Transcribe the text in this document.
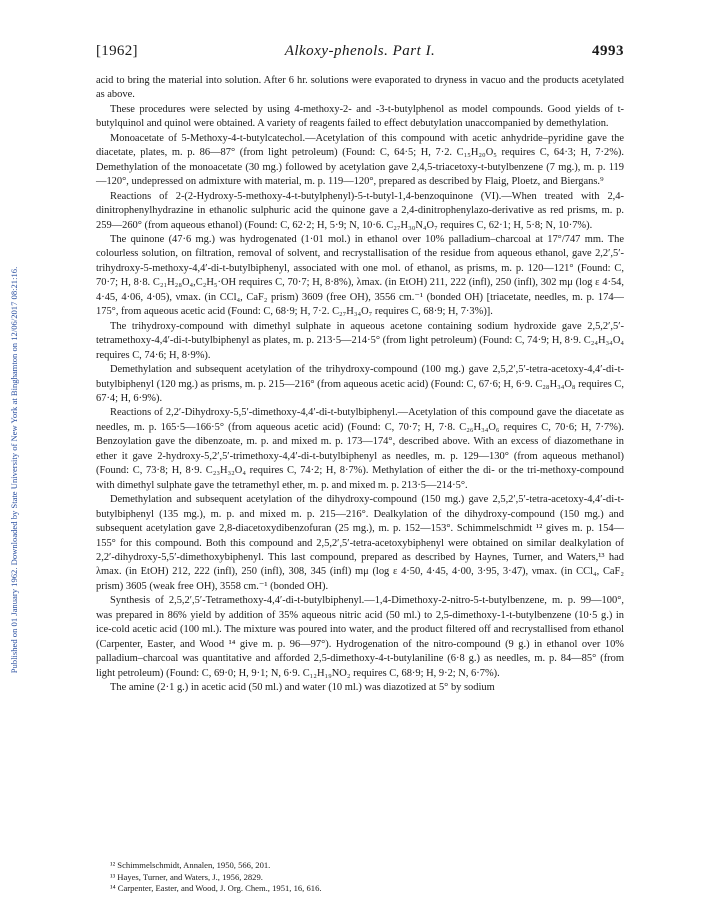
Published on 01 January 1962. Downloaded by State University of New York at Binghamton on 12/06/2017 08:21:16.
[1962]	Alkoxy-phenols. Part I.	4993

acid to bring the material into solution. After 6 hr. solutions were evaporated to dryness in vacuo and the products acetylated as above.

These procedures were selected by using 4-methoxy-2- and -3-t-butylphenol as model compounds. Good yields of t-butylquinol and quinol were obtained. A variety of reagents failed to effect debutylation unaccompanied by demethylation.

Monoacetate of 5-Methoxy-4-t-butylcatechol.—Acetylation of this compound with acetic anhydride–pyridine gave the diacetate, plates, m. p. 86—87° (from light petroleum) (Found: C, 64·5; H, 7·2. C₁₅H₂₀O₅ requires C, 64·3; H, 7·2%). Demethylation of the monoacetate (30 mg.) followed by acetylation gave 2,4,5-triacetoxy-t-butylbenzene (7 mg.), m. p. 119—120°, undepressed on admixture with material, m. p. 119—120°, prepared as described by Flaig, Ploetz, and Biergans.⁹

Reactions of 2-(2-Hydroxy-5-methoxy-4-t-butylphenyl)-5-t-butyl-1,4-benzoquinone (VI).—When treated with 2,4-dinitrophenylhydrazine in ethanolic sulphuric acid the quinone gave a 2,4-dinitrophenylazo-derivative as red prisms, m. p. 259—260° (from aqueous ethanol) (Found: C, 62·2; H, 5·9; N, 10·6. C₂₇H₃₀N₄O₇ requires C, 62·1; H, 5·8; N, 10·7%).

The quinone (47·6 mg.) was hydrogenated (1·01 mol.) in ethanol over 10% palladium–charcoal at 17°/747 mm. The colourless solution, on filtration, removal of solvent, and recrystallisation of the residue from aqueous ethanol, gave 2,2′,5′-trihydroxy-5-methoxy-4,4′-di-t-butylbiphenyl, associated with one mol. of ethanol, as prisms, m. p. 120—121° (Found: C, 70·7; H, 8·8. C₂₁H₂₈O₄,C₂H₅·OH requires C, 70·7; H, 8·8%), λmax. (in EtOH) 211, 222 (infl), 250 (infl), 302 mμ (log ε 4·54, 4·45, 4·06, 4·05), νmax. (in CCl₄, CaF₂ prism) 3609 (free OH), 3556 cm.⁻¹ (bonded OH) [triacetate, needles, m. p. 174—175°, from aqueous acetic acid (Found: C, 68·9; H, 7·2. C₂₇H₃₄O₇ requires C, 68·9; H, 7·3%)].

The trihydroxy-compound with dimethyl sulphate in aqueous acetone containing sodium hydroxide gave 2,5,2′,5′-tetramethoxy-4,4′-di-t-butylbiphenyl as plates, m. p. 213·5—214·5° (from light petroleum) (Found: C, 74·9; H, 8·9. C₂₄H₃₄O₄ requires C, 74·6; H, 8·9%).

Demethylation and subsequent acetylation of the trihydroxy-compound (100 mg.) gave 2,5,2′,5′-tetra-acetoxy-4,4′-di-t-butylbiphenyl (120 mg.) as prisms, m. p. 215—216° (from aqueous acetic acid) (Found: C, 67·6; H, 6·9. C₂₈H₃₄O₈ requires C, 67·4; H, 6·9%).

Reactions of 2,2′-Dihydroxy-5,5′-dimethoxy-4,4′-di-t-butylbiphenyl.—Acetylation of this compound gave the diacetate as needles, m. p. 165·5—166·5° (from aqueous acetic acid) (Found: C, 70·7; H, 7·8. C₂₆H₃₄O₆ requires C, 70·6; H, 7·7%). Benzoylation gave the dibenzoate, m. p. and mixed m. p. 173—174°, described above. With an excess of diazomethane in ether it gave 2-hydroxy-5,2′,5′-trimethoxy-4,4′-di-t-butylbiphenyl as needles, m. p. 129—130° (from aqueous methanol) (Found: C, 73·8; H, 8·9. C₂₃H₃₂O₄ requires C, 74·2; H, 8·7%). Methylation of either the di- or the tri-methoxy-compound with dimethyl sulphate gave the tetramethyl ether, m. p. and mixed m. p. 213·5—214·5°.

Demethylation and subsequent acetylation of the dihydroxy-compound (150 mg.) gave 2,5,2′,5′-tetra-acetoxy-4,4′-di-t-butylbiphenyl (135 mg.), m. p. and mixed m. p. 215—216°. Dealkylation of the dihydroxy-compound (150 mg.) and subsequent acetylation gave 2,8-diacetoxydibenzofuran (25 mg.), m. p. 152—153°. Schimmelschmidt ¹² gives m. p. 154—155° for this compound. Both this compound and 2,5,2′,5′-tetra-acetoxybiphenyl were obtained on similar dealkylation of 2,2′-dihydroxy-5,5′-dimethoxybiphenyl. This last compound, prepared as described by Haynes, Turner, and Waters,¹³ had λmax. (in EtOH) 212, 222 (infl), 250 (infl), 308, 345 (infl) mμ (log ε 4·50, 4·45, 4·00, 3·95, 3·47), νmax. (in CCl₄, CaF₂ prism) 3605 (weak free OH), 3558 cm.⁻¹ (bonded OH).

Synthesis of 2,5,2′,5′-Tetramethoxy-4,4′-di-t-butylbiphenyl.—1,4-Dimethoxy-2-nitro-5-t-butylbenzene, m. p. 99—100°, was prepared in 86% yield by addition of 35% aqueous nitric acid (50 ml.) to 2,5-dimethoxy-1-t-butylbenzene (10·5 g.) in ice-cold acetic acid (100 ml.). The mixture was poured into water, and the product filtered off and recrystallised from ethanol (Carpenter, Easter, and Wood ¹⁴ give m. p. 96—97°). Hydrogenation of the nitro-compound (9 g.) in ethanol over 10% palladium–charcoal was quantitative and afforded 2,5-dimethoxy-4-t-butylaniline (6·8 g.) as needles, m. p. 84—85° (from light petroleum) (Found: C, 69·0; H, 9·1; N, 6·9. C₁₂H₁₉NO₂ requires C, 68·9; H, 9·2; N, 6·7%).

The amine (2·1 g.) in acetic acid (50 ml.) and water (10 ml.) was diazotized at 5° by sodium

¹² Schimmelschmidt, Annalen, 1950, 566, 201.

¹³ Hayes, Turner, and Waters, J., 1956, 2829.

¹⁴ Carpenter, Easter, and Wood, J. Org. Chem., 1951, 16, 616.
